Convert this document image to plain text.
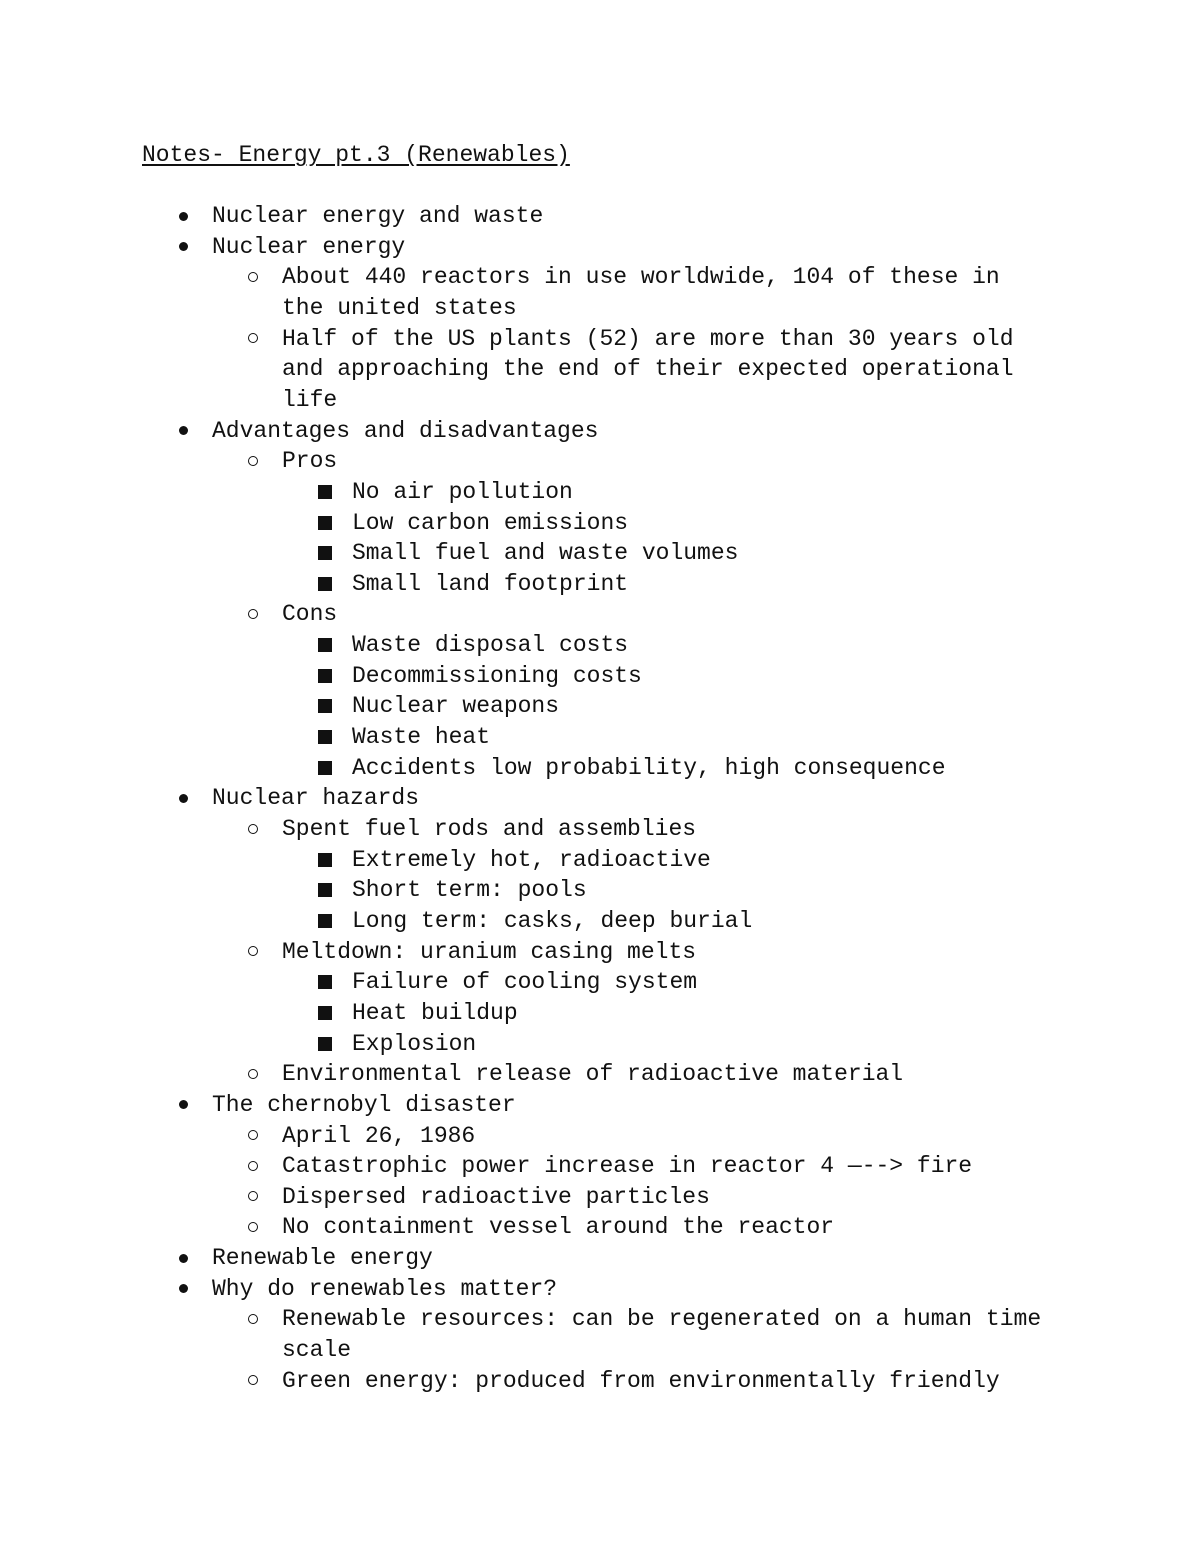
Notes- Energy pt.3 (Renewables)
Nuclear energy and waste
Nuclear energy
About 440 reactors in use worldwide, 104 of these in
the united states
Half of the US plants (52) are more than 30 years old
and approaching the end of their expected operational
life
Advantages and disadvantages
Pros
No air pollution
Low carbon emissions
Small fuel and waste volumes
Small land footprint
Cons
Waste disposal costs
Decommissioning costs
Nuclear weapons
Waste heat
Accidents low probability, high consequence
Nuclear hazards
Spent fuel rods and assemblies
Extremely hot, radioactive
Short term: pools
Long term: casks, deep burial
Meltdown: uranium casing melts
Failure of cooling system
Heat buildup
Explosion
Environmental release of radioactive material
The chernobyl disaster
April 26, 1986
Catastrophic power increase in reactor 4 —--> fire
Dispersed radioactive particles
No containment vessel around the reactor
Renewable energy
Why do renewables matter?
Renewable resources: can be regenerated on a human time
scale
Green energy: produced from environmentally friendly
